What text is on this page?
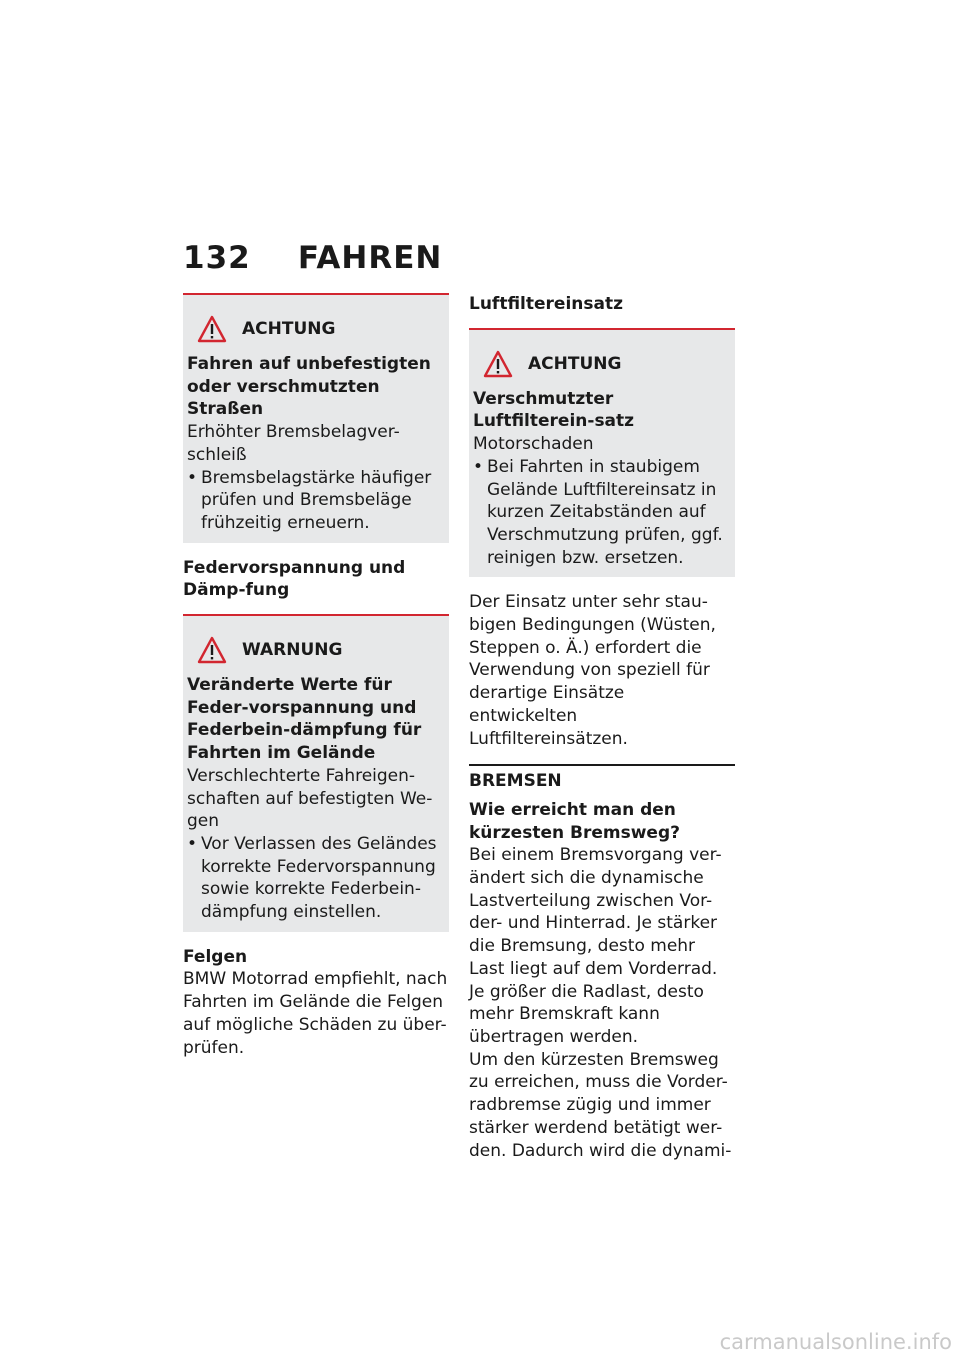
132 FAHREN
ACHTUNG

Fahren auf unbefestigten oder verschmutzten Straßen

Erhöhter Bremsbelagver-schleiß

• Bremsbelagstärke häufiger prüfen und Bremsbeläge frühzeitig erneuern.

Federvorspannung und Dämp-fung

WARNUNG

Veränderte Werte für Feder-vorspannung und Federbein-dämpfung für Fahrten im Gelände

Verschlechterte Fahreigen-schaften auf befestigten We-gen

• Vor Verlassen des Geländes korrekte Federvorspannung sowie korrekte Federbein-dämpfung einstellen.

Felgen

BMW Motorrad empfiehlt, nach Fahrten im Gelände die Felgen auf mögliche Schäden zu über-prüfen.

Luftfiltereinsatz

ACHTUNG

Verschmutzter Luftfilterein-satz

Motorschaden

• Bei Fahrten in staubigem Gelände Luftfiltereinsatz in kurzen Zeitabständen auf Verschmutzung prüfen, ggf. reinigen bzw. ersetzen.

Der Einsatz unter sehr stau-bigen Bedingungen (Wüsten, Steppen o. Ä.) erfordert die Verwendung von speziell für derartige Einsätze entwickelten Luftfiltereinsätzen.

BREMSEN

Wie erreicht man den kürzesten Bremsweg?

Bei einem Bremsvorgang ver-ändert sich die dynamische Lastverteilung zwischen Vor-der- und Hinterrad. Je stärker die Bremsung, desto mehr Last liegt auf dem Vorderrad. Je größer die Radlast, desto mehr Bremskraft kann übertragen werden.

Um den kürzesten Bremsweg zu erreichen, muss die Vorder-radbremse zügig und immer stärker werdend betätigt wer-den. Dadurch wird die dynami-

carmanualsonline.info
